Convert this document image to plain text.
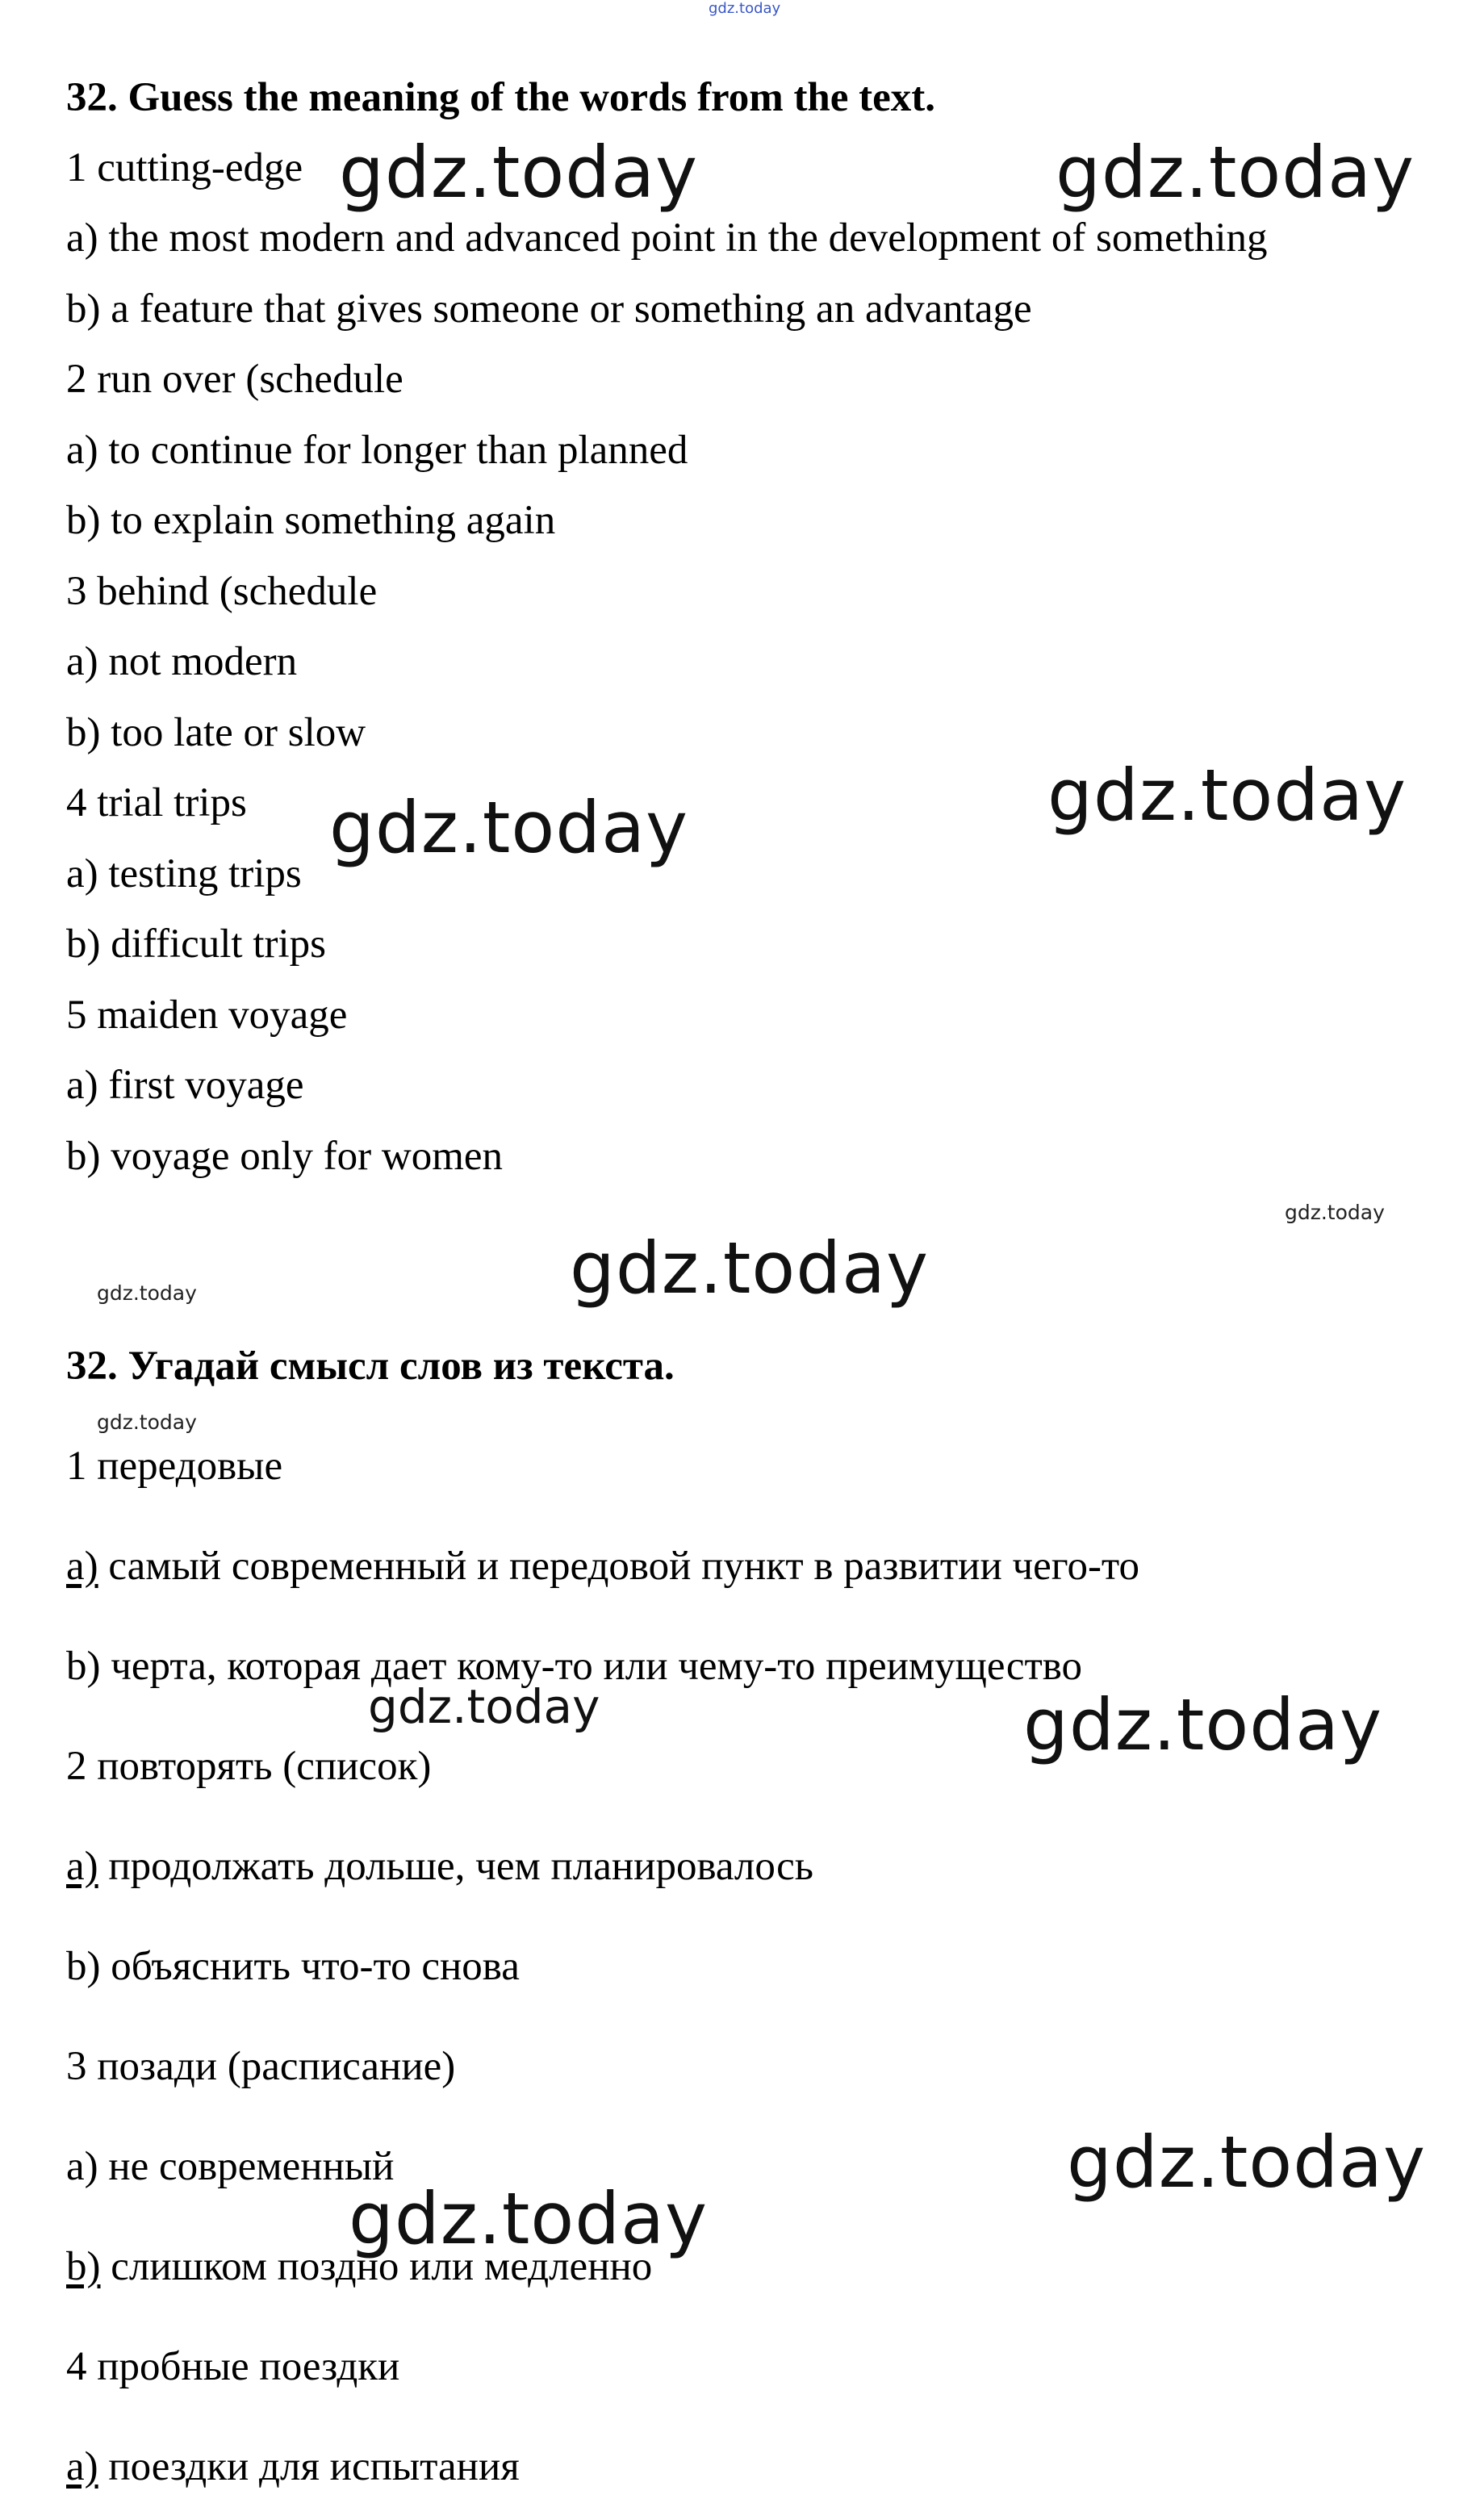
gdz.today
32. Guess the meaning of the words from the text.
1 cutting-edge
a) the most modern and advanced point in the development of something
b) a feature that gives someone or something an advantage
2 run over (schedule
a) to continue for longer than planned
b) to explain something again
3 behind (schedule
a) not modern
b) too late or slow
4 trial trips
a) testing trips
b) difficult trips
5 maiden voyage
a) first voyage
b) voyage only for women
32. Угадай смысл слов из текста.
1 передовые
a) самый современный и передовой пункт в развитии чего-то
b) черта, которая дает кому-то или чему-то преимущество
2 повторять (список)
a) продолжать дольше, чем планировалось
b) объяснить что-то снова
3 позади (расписание)
a) не современный
b) слишком поздно или медленно
4 пробные поездки
a) поездки для испытания
gdz.today	gdz.today
gdz.today
gdz.today
gdz.today
gdz.today
gdz.today
gdz.today
gdz.today	gdz.today
gdz.today
gdz.today
